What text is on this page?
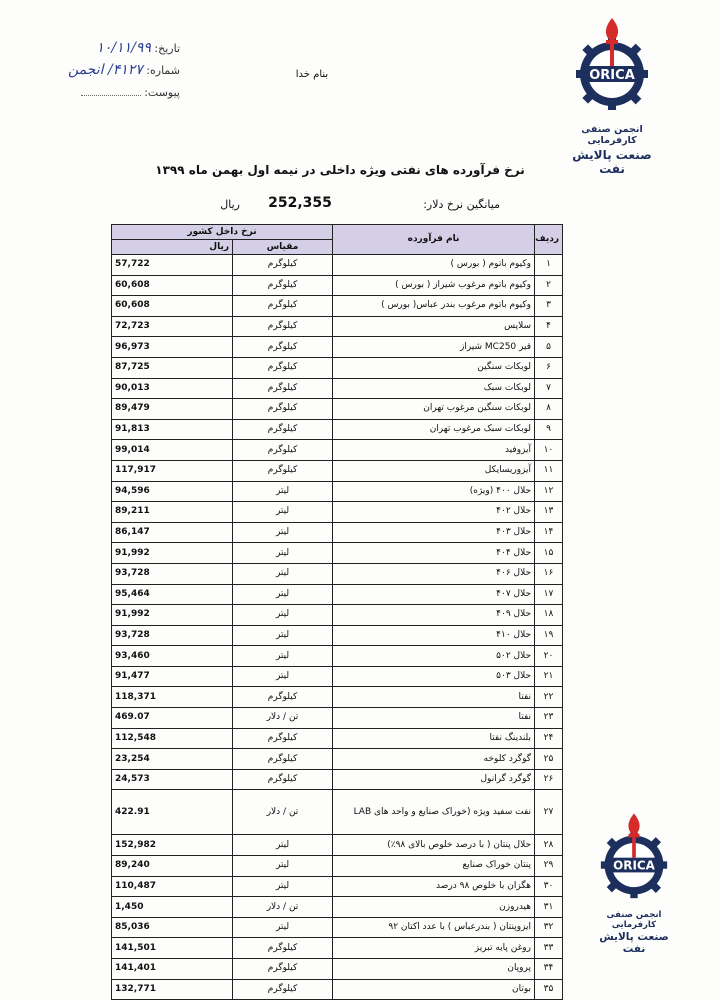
ORICA
انجمن صنفی کارفرمایی
صنعت پالایش نفت
تاریخ: ۱۰/۱۱/۹۹
شماره: ۴۱۲۷/ انجمن
پیوست:
بنام خدا
نرخ فرآورده های نفتی ویژه داخلی در نیمه اول بهمن ماه ۱۳۹۹
میانگین نرخ دلار:
252,355
ریال
ردیف	نام فرآورده	نرخ داخل کشور	
		مقیاس	ریال
۱	وکیوم باتوم ( بورس )	کیلوگرم	57,722
۲	وکیوم باتوم مرغوب شیراز ( بورس )	کیلوگرم	60,608
۳	وکیوم باتوم مرغوب بندر عباس( بورس )	کیلوگرم	60,608
۴	سلاپس	کیلوگرم	72,723
۵	قیر MC250 شیراز	کیلوگرم	96,973
۶	لوبکات سنگین	کیلوگرم	87,725
۷	لوبکات سبک	کیلوگرم	90,013
۸	لوبکات سنگین مرغوب تهران	کیلوگرم	89,479
۹	لوبکات سبک مرغوب تهران	کیلوگرم	91,813
۱۰	آیزوفید	کیلوگرم	99,014
۱۱	آیزوریسایکل	کیلوگرم	117,917
۱۲	حلال ۴۰۰ (ویژه)	لیتر	94,596
۱۳	حلال ۴۰۲	لیتر	89,211
۱۴	حلال ۴۰۳	لیتر	86,147
۱۵	حلال ۴۰۴	لیتر	91,992
۱۶	حلال ۴۰۶	لیتر	93,728
۱۷	حلال ۴۰۷	لیتر	95,464
۱۸	حلال ۴۰۹	لیتر	91,992
۱۹	حلال ۴۱۰	لیتر	93,728
۲۰	حلال ۵۰۲	لیتر	93,460
۲۱	حلال ۵۰۳	لیتر	91,477
۲۲	نفتا	کیلوگرم	118,371
۲۳	نفتا	تن / دلار	469.07
۲۴	بلندینگ نفتا	کیلوگرم	112,548
۲۵	گوگرد کلوخه	کیلوگرم	23,254
۲۶	گوگرد گرانول	کیلوگرم	24,573
۲۷	نفت سفید ویژه (خوراک صنایع و واحد های LAB	تن / دلار	422.91
۲۸	حلال پنتان ( با درصد خلوص بالای ۹۸٪)	لیتر	152,982
۲۹	پنتان خوراک صنایع	لیتر	89,240
۳۰	هگزان با خلوص ۹۸ درصد	لیتر	110,487
۳۱	هیدروزن	تن / دلار	1,450
۳۲	ایزوپنتان ( بندرعباس ) با عدد اکتان ۹۲	لیتر	85,036
۳۳	روغن پایه تبریز	کیلوگرم	141,501
۳۴	پروپان	کیلوگرم	141,401
۳۵	بوتان	کیلوگرم	132,771
ORICA
انجمن صنفی کارفرمایی
صنعت پالایش نفت
